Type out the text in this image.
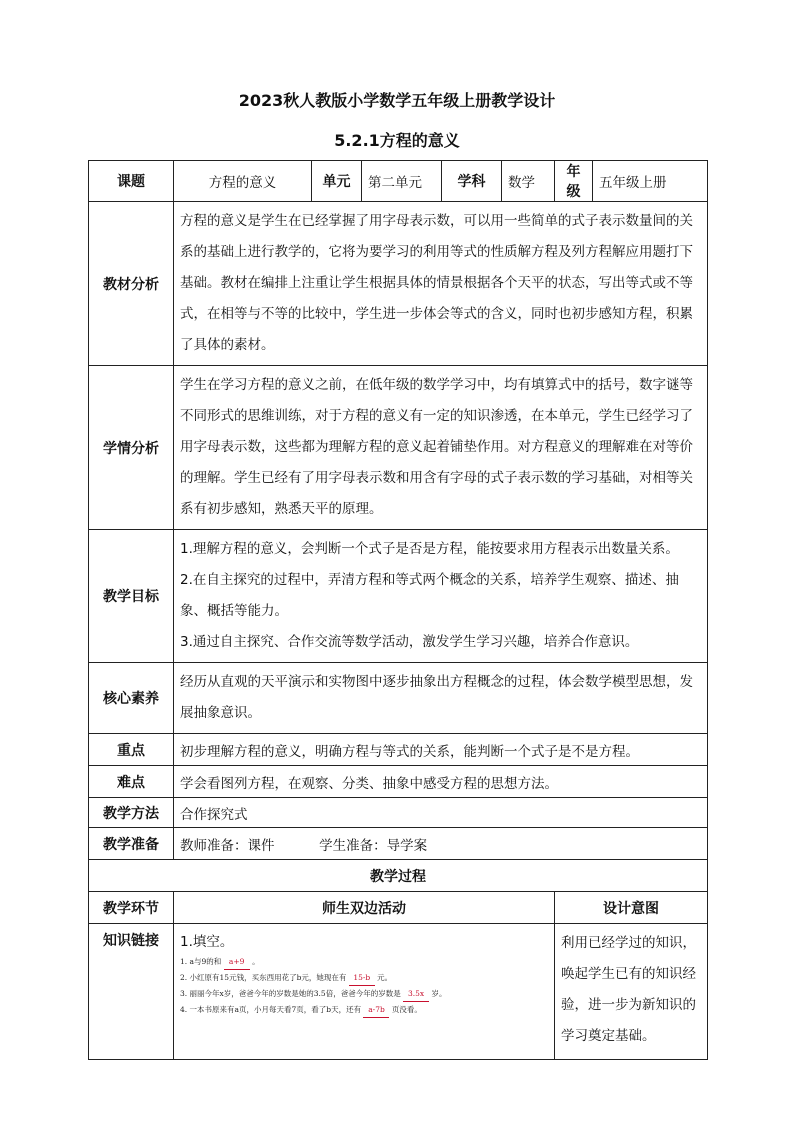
2023秋人教版小学数学五年级上册教学设计
5.2.1方程的意义
课题	方程的意义	单元	第二单元	学科	数学	年级	五年级上册
教材分析	方程的意义是学生在已经掌握了用字母表示数，可以用一些简单的式子表示数量间的关系的基础上进行教学的，它将为要学习的利用等式的性质解方程及列方程解应用题打下基础。教材在编排上注重让学生根据具体的情景根据各个天平的状态，写出等式或不等式，在相等与不等的比较中，学生进一步体会等式的含义，同时也初步感知方程，积累了具体的素材。						
学情分析	学生在学习方程的意义之前，在低年级的数学学习中，均有填算式中的括号，数字谜等不同形式的思维训练，对于方程的意义有一定的知识渗透，在本单元，学生已经学习了用字母表示数，这些都为理解方程的意义起着铺垫作用。对方程意义的理解难在对等价的理解。学生已经有了用字母表示数和用含有字母的式子表示数的学习基础，对相等关系有初步感知，熟悉天平的原理。						
教学目标	1.理解方程的意义，会判断一个式子是否是方程，能按要求用方程表示出数量关系。

2.在自主探究的过程中，弄清方程和等式两个概念的关系，培养学生观察、描述、抽象、概括等能力。

3.通过自主探究、合作交流等数学活动，激发学生学习兴趣，培养合作意识。						

核心素养	经历从直观的天平演示和实物图中逐步抽象出方程概念的过程，体会数学模型思想，发展抽象意识。						
重点	初步理解方程的意义，明确方程与等式的关系，能判断一个式子是不是方程。						
难点	学会看图列方程，在观察、分类、抽象中感受方程的思想方法。						
教学方法	合作探究式						
教学准备	教师准备：课件 学生准备：导学案						
教学过程							
教学环节	师生双边活动					设计意图	
知识链接	1.填空。
1. a与9的和 a+9 。
2. 小红原有15元钱，买东西用花了b元，她现在有 15-b 元。
3. 丽丽今年x岁，爸爸今年的岁数是她的3.5倍，爸爸今年的岁数是 3.5x 岁。
4. 一本书原来有a页，小月每天看7页，看了b天，还有 a-7b 页没看。					利用已经学过的知识，唤起学生已有的知识经验，进一步为新知识的学习奠定基础。	
